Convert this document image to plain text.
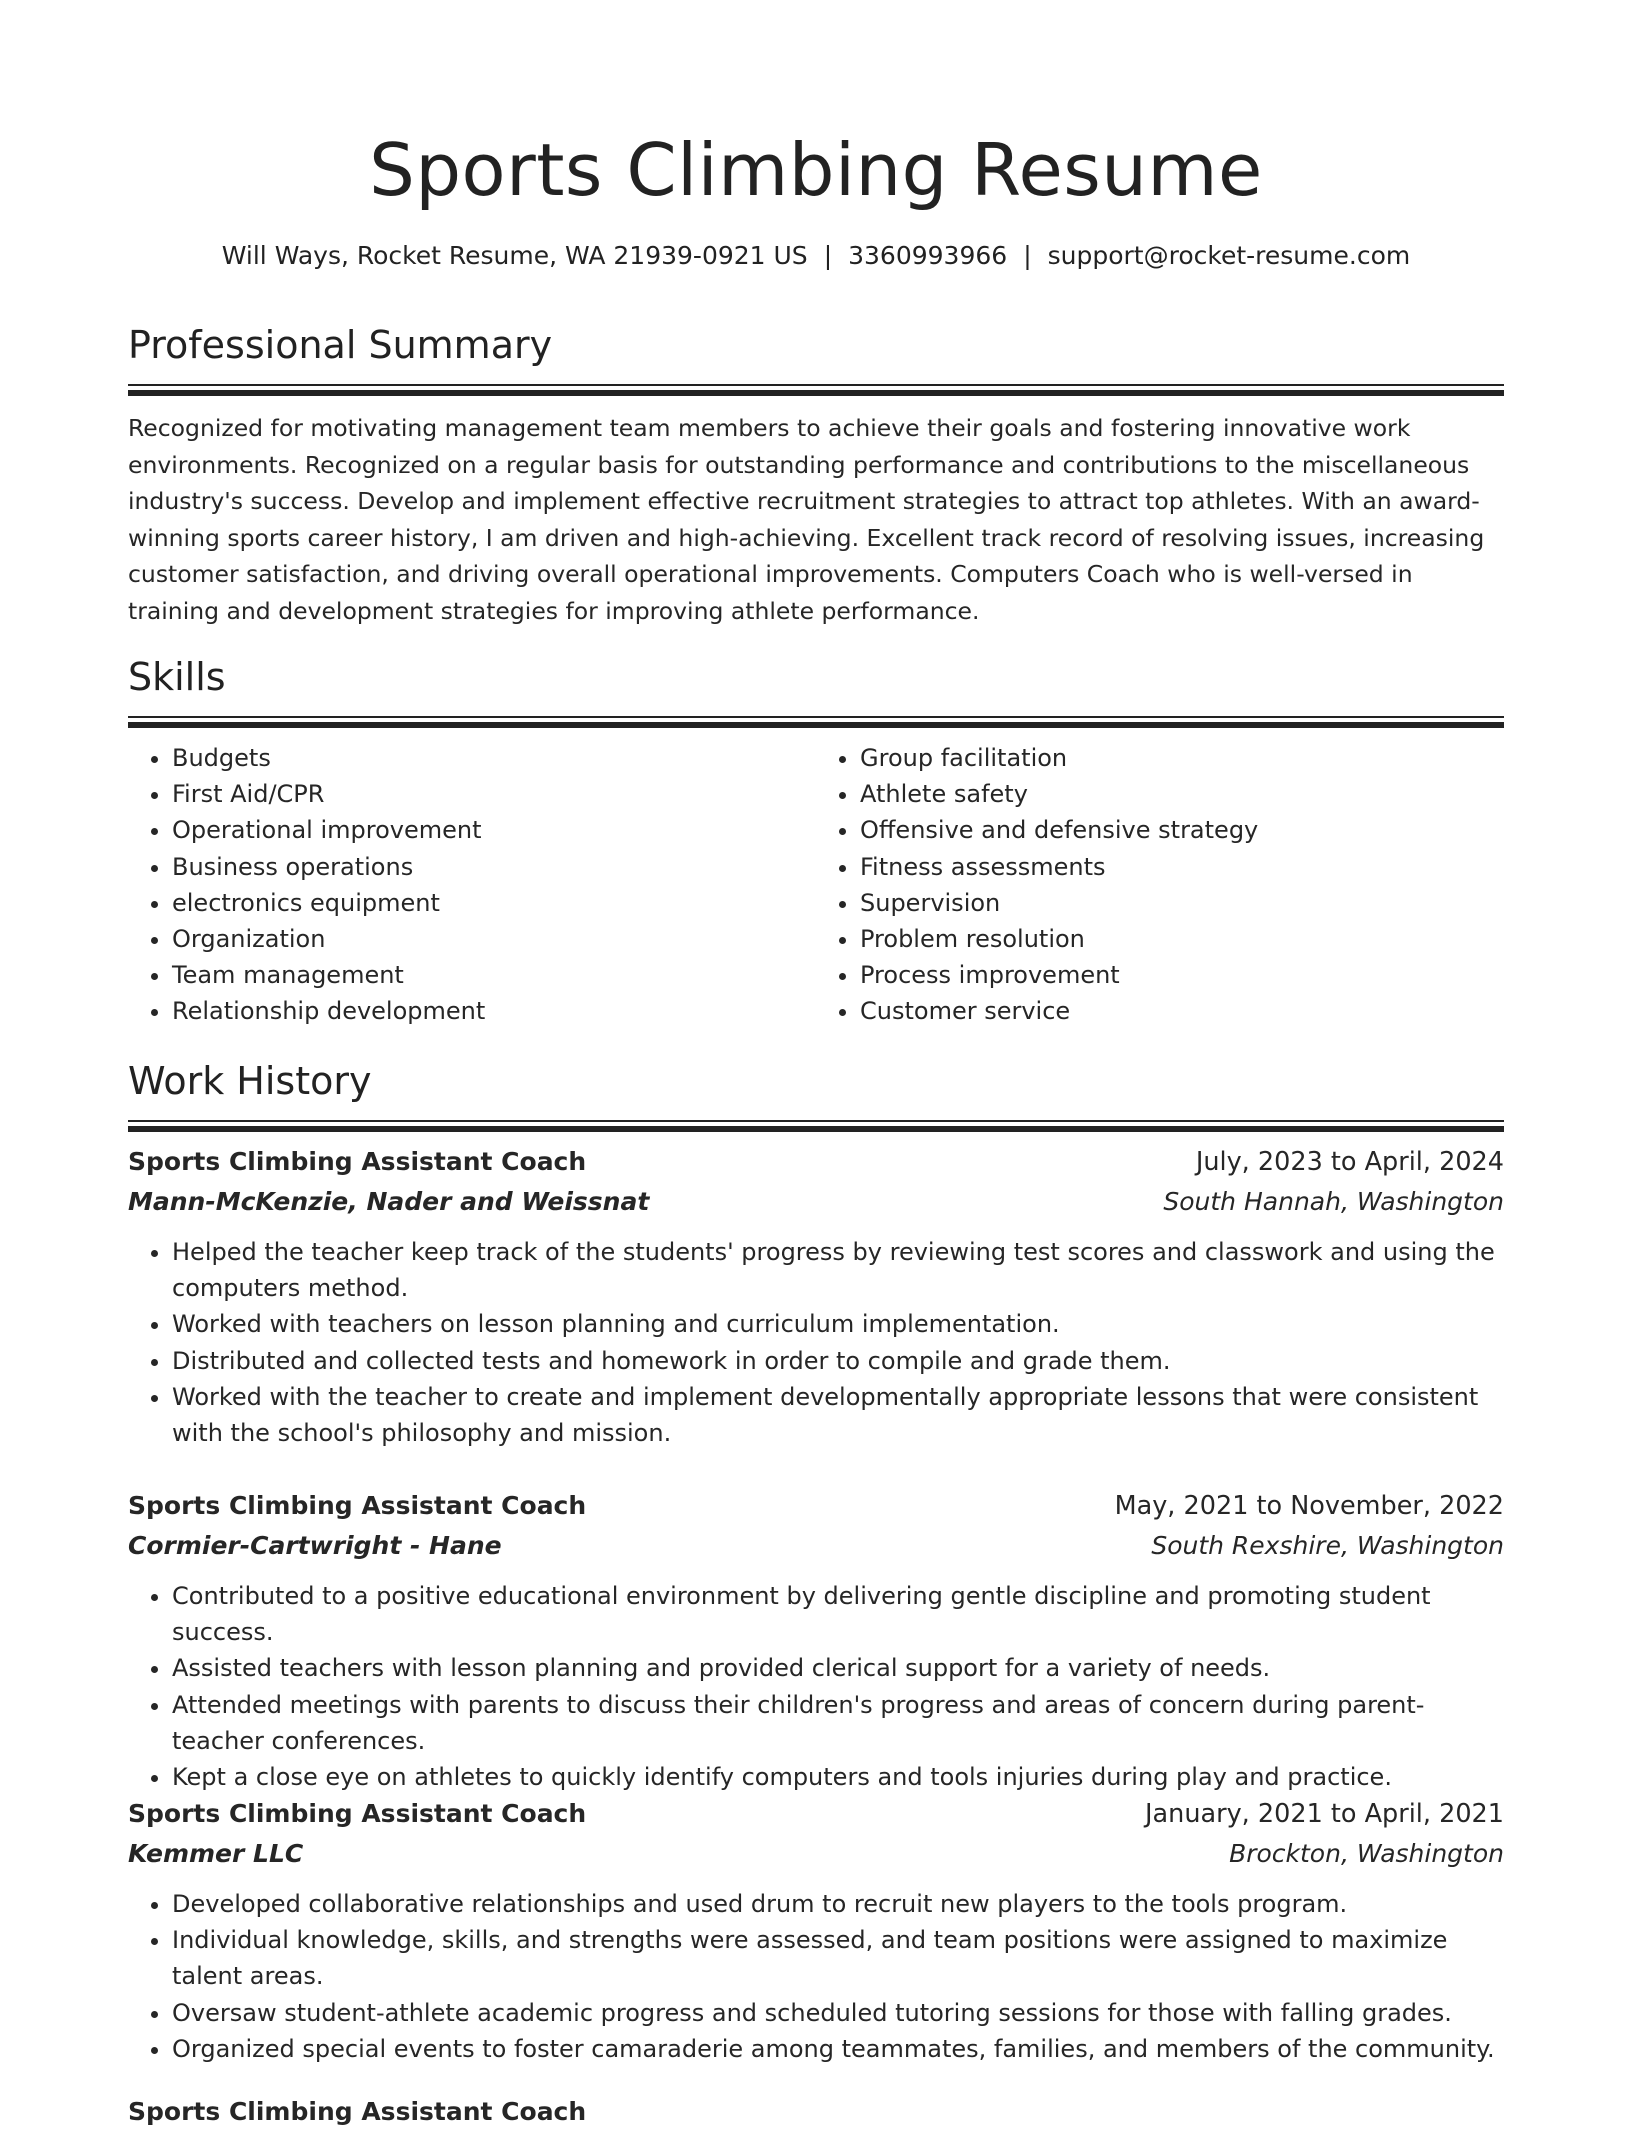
Sports Climbing Resume
Will Ways, Rocket Resume, WA 21939-0921 US | 3360993966 | support@rocket-resume.com
Professional Summary
Recognized for motivating management team members to achieve their goals and fostering innovative work environments. Recognized on a regular basis for outstanding performance and contributions to the miscellaneous industry's success. Develop and implement effective recruitment strategies to attract top athletes. With an award-winning sports career history, I am driven and high-achieving. Excellent track record of resolving issues, increasing customer satisfaction, and driving overall operational improvements. Computers Coach who is well-versed in training and development strategies for improving athlete performance.
Skills
• Budgets
• First Aid/CPR
• Operational improvement
• Business operations
• electronics equipment
• Organization
• Team management
• Relationship development
• Group facilitation
• Athlete safety
• Offensive and defensive strategy
• Fitness assessments
• Supervision
• Problem resolution
• Process improvement
• Customer service
Work History
Sports Climbing Assistant Coach	July, 2023 to April, 2024
Mann-McKenzie, Nader and Weissnat	South Hannah, Washington
• Helped the teacher keep track of the students' progress by reviewing test scores and classwork and using the computers method.
• Worked with teachers on lesson planning and curriculum implementation.
• Distributed and collected tests and homework in order to compile and grade them.
• Worked with the teacher to create and implement developmentally appropriate lessons that were consistent with the school's philosophy and mission.
Sports Climbing Assistant Coach	May, 2021 to November, 2022
Cormier-Cartwright - Hane	South Rexshire, Washington
• Contributed to a positive educational environment by delivering gentle discipline and promoting student success.
• Assisted teachers with lesson planning and provided clerical support for a variety of needs.
• Attended meetings with parents to discuss their children's progress and areas of concern during parent-teacher conferences.
• Kept a close eye on athletes to quickly identify computers and tools injuries during play and practice.
Sports Climbing Assistant Coach	January, 2021 to April, 2021
Kemmer LLC	Brockton, Washington
• Developed collaborative relationships and used drum to recruit new players to the tools program.
• Individual knowledge, skills, and strengths were assessed, and team positions were assigned to maximize talent areas.
• Oversaw student-athlete academic progress and scheduled tutoring sessions for those with falling grades.
• Organized special events to foster camaraderie among teammates, families, and members of the community.
Sports Climbing Assistant Coach
